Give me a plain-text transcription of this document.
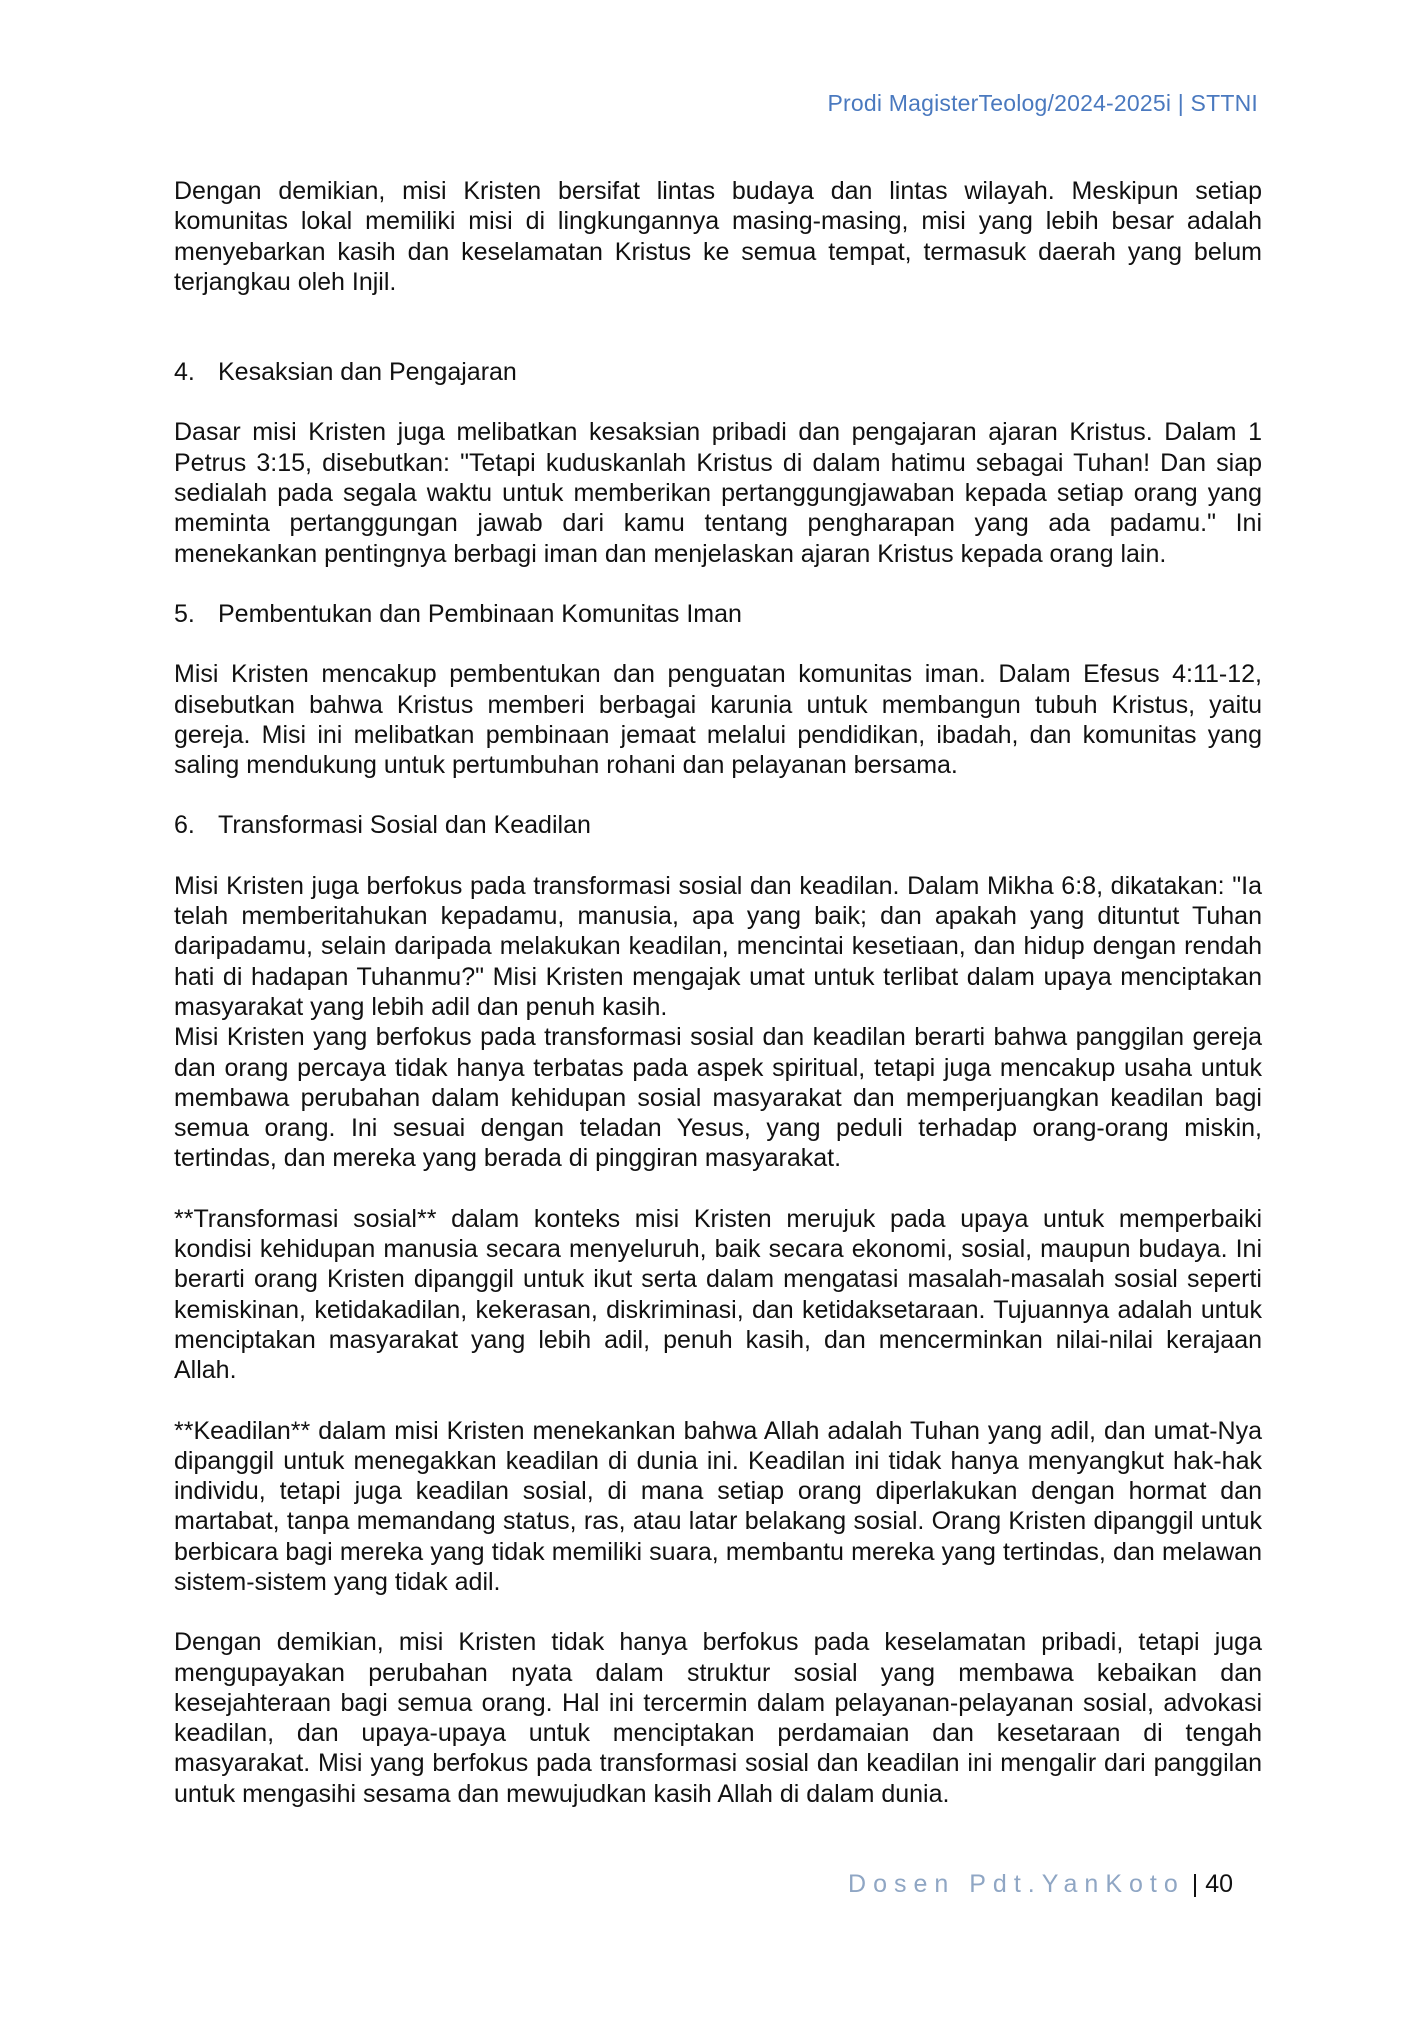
Prodi MagisterTeolog/2024-2025i | STTNI

Dengan demikian, misi Kristen bersifat lintas budaya dan lintas wilayah. Meskipun setiap komunitas lokal memiliki misi di lingkungannya masing-masing, misi yang lebih besar adalah menyebarkan kasih dan keselamatan Kristus ke semua tempat, termasuk daerah yang belum terjangkau oleh Injil.

4. Kesaksian dan Pengajaran

Dasar misi Kristen juga melibatkan kesaksian pribadi dan pengajaran ajaran Kristus. Dalam 1 Petrus 3:15, disebutkan: "Tetapi kuduskanlah Kristus di dalam hatimu sebagai Tuhan! Dan siap sedialah pada segala waktu untuk memberikan pertanggungjawaban kepada setiap orang yang meminta pertanggungan jawab dari kamu tentang pengharapan yang ada padamu." Ini menekankan pentingnya berbagi iman dan menjelaskan ajaran Kristus kepada orang lain.

5. Pembentukan dan Pembinaan Komunitas Iman

Misi Kristen mencakup pembentukan dan penguatan komunitas iman. Dalam Efesus 4:11-12, disebutkan bahwa Kristus memberi berbagai karunia untuk membangun tubuh Kristus, yaitu gereja. Misi ini melibatkan pembinaan jemaat melalui pendidikan, ibadah, dan komunitas yang saling mendukung untuk pertumbuhan rohani dan pelayanan bersama.

6. Transformasi Sosial dan Keadilan

Misi Kristen juga berfokus pada transformasi sosial dan keadilan. Dalam Mikha 6:8, dikatakan: "Ia telah memberitahukan kepadamu, manusia, apa yang baik; dan apakah yang dituntut Tuhan daripadamu, selain daripada melakukan keadilan, mencintai kesetiaan, dan hidup dengan rendah hati di hadapan Tuhanmu?" Misi Kristen mengajak umat untuk terlibat dalam upaya menciptakan masyarakat yang lebih adil dan penuh kasih.

Misi Kristen yang berfokus pada transformasi sosial dan keadilan berarti bahwa panggilan gereja dan orang percaya tidak hanya terbatas pada aspek spiritual, tetapi juga mencakup usaha untuk membawa perubahan dalam kehidupan sosial masyarakat dan memperjuangkan keadilan bagi semua orang. Ini sesuai dengan teladan Yesus, yang peduli terhadap orang-orang miskin, tertindas, dan mereka yang berada di pinggiran masyarakat.

**Transformasi sosial** dalam konteks misi Kristen merujuk pada upaya untuk memperbaiki kondisi kehidupan manusia secara menyeluruh, baik secara ekonomi, sosial, maupun budaya. Ini berarti orang Kristen dipanggil untuk ikut serta dalam mengatasi masalah-masalah sosial seperti kemiskinan, ketidakadilan, kekerasan, diskriminasi, dan ketidaksetaraan. Tujuannya adalah untuk menciptakan masyarakat yang lebih adil, penuh kasih, dan mencerminkan nilai-nilai kerajaan Allah.

**Keadilan** dalam misi Kristen menekankan bahwa Allah adalah Tuhan yang adil, dan umat-Nya dipanggil untuk menegakkan keadilan di dunia ini. Keadilan ini tidak hanya menyangkut hak-hak individu, tetapi juga keadilan sosial, di mana setiap orang diperlakukan dengan hormat dan martabat, tanpa memandang status, ras, atau latar belakang sosial. Orang Kristen dipanggil untuk berbicara bagi mereka yang tidak memiliki suara, membantu mereka yang tertindas, dan melawan sistem-sistem yang tidak adil.

Dengan demikian, misi Kristen tidak hanya berfokus pada keselamatan pribadi, tetapi juga mengupayakan perubahan nyata dalam struktur sosial yang membawa kebaikan dan kesejahteraan bagi semua orang. Hal ini tercermin dalam pelayanan-pelayanan sosial, advokasi keadilan, dan upaya-upaya untuk menciptakan perdamaian dan kesetaraan di tengah masyarakat. Misi yang berfokus pada transformasi sosial dan keadilan ini mengalir dari panggilan untuk mengasihi sesama dan mewujudkan kasih Allah di dalam dunia.

Dosen Pdt.YanKoto | 40
